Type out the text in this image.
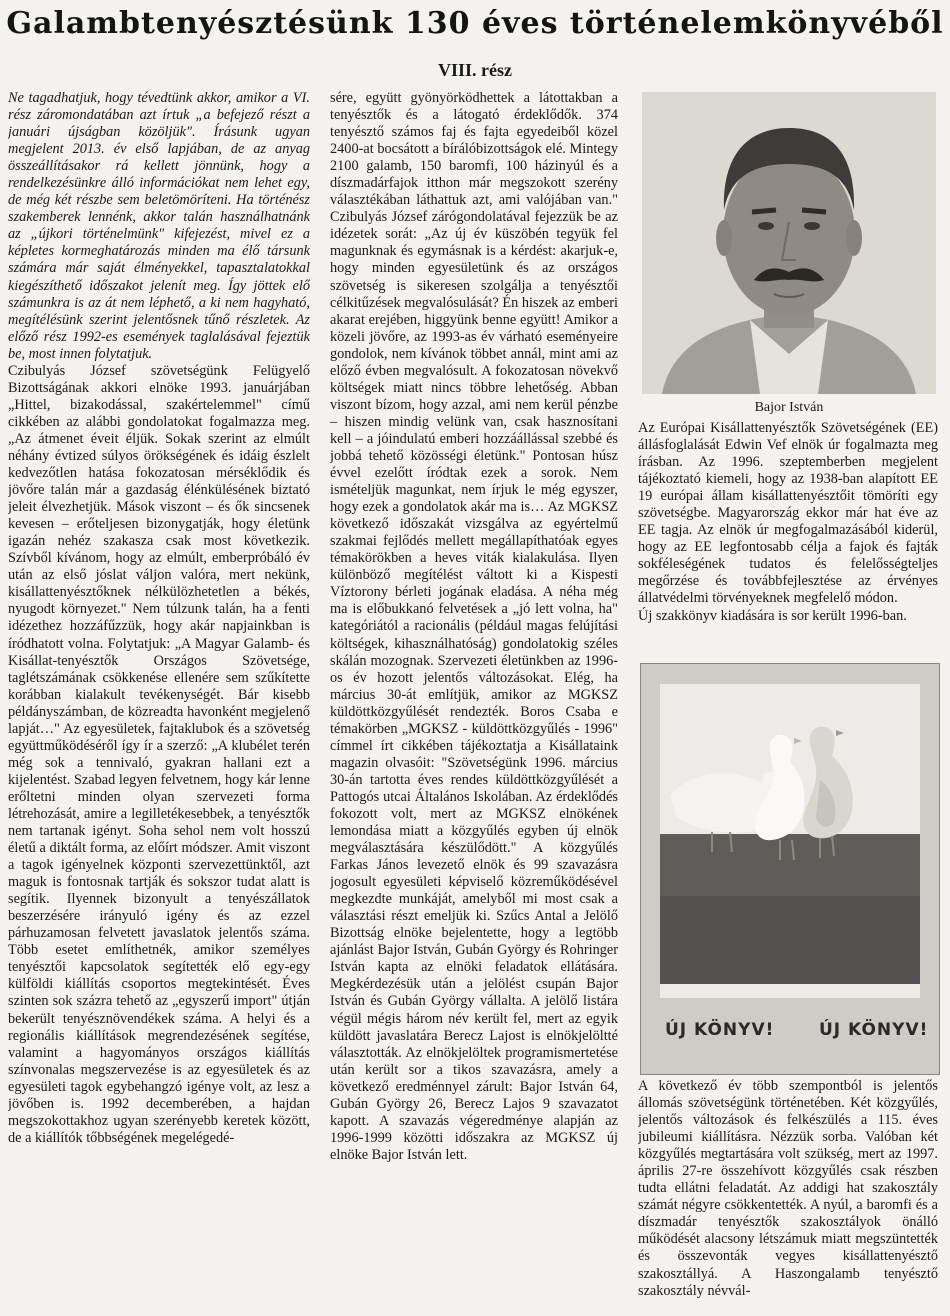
Galambtenyésztésünk 130 éves történelemkönyvéből
VIII. rész

Ne tagadhatjuk, hogy tévedtünk akkor, amikor a VI. rész záromondatában azt írtuk „a befejező részt a januári újságban közöljük". Írásunk ugyan megjelent 2013. év első lapjában, de az anyag összeállításakor rá kellett jönnünk, hogy a rendelkezésünkre álló információkat nem lehet egy, de még két részbe sem beletömöríteni. Ha történész szakemberek lennénk, akkor talán használhatnánk az „újkori történelmünk" kifejezést, mivel ez a képletes kormeghatározás minden ma élő társunk számára már saját élményekkel, tapasztalatokkal kiegészíthető időszakot jelenít meg. Így jöttek elő számunkra is az át nem léphető, a ki nem hagyható, megítélésünk szerint jelentősnek tűnő részletek. Az előző rész 1992-es események taglalásával fejeztük be, most innen folytatjuk.

Czibulyás József szövetségünk Felügyelő Bizottságának akkori elnöke 1993. januárjában „Hittel, bizakodással, szakértelemmel" című cikkében az alábbi gondolatokat fogalmazza meg. „Az átmenet éveit éljük. Sokak szerint az elmúlt néhány évtized súlyos örökségének és idáig észlelt kedvezőtlen hatása fokozatosan mérséklődik és jövőre talán már a gazdaság élénkülésének biztató jeleit élvezhetjük. Mások viszont – és ők sincsenek kevesen – erőteljesen bizonygatják, hogy életünk igazán nehéz szakasza csak most következik. Szívből kívánom, hogy az elmúlt, emberpróbáló év után az első jóslat váljon valóra, mert nekünk, kisállattenyésztőknek nélkülözhetetlen a békés, nyugodt környezet." Nem túlzunk talán, ha a fenti idézethez hozzáfűzzük, hogy akár napjainkban is íródhatott volna. Folytatjuk: „A Magyar Galamb- és Kisállat-tenyésztők Országos Szövetsége, taglétszámának csökkenése ellenére sem szűkítette korábban kialakult tevékenységét. Bár kisebb példányszámban, de közreadta havonként megjelenő lapját…" Az egyesületek, fajtaklubok és a szövetség együttműködéséről így ír a szerző: „A klubélet terén még sok a tennivaló, gyakran hallani ezt a kijelentést. Szabad legyen felvetnem, hogy kár lenne erőltetni minden olyan szervezeti forma létrehozását, amire a legilletékesebbek, a tenyésztők nem tartanak igényt. Soha sehol nem volt hosszú életű a diktált forma, az előírt módszer. Amit viszont a tagok igényelnek központi szervezettünktől, azt maguk is fontosnak tartják és sokszor tudat alatt is segítik. Ilyennek bizonyult a tenyészállatok beszerzésére irányuló igény és az ezzel párhuzamosan felvetett javaslatok jelentős száma. Több esetet említhetnék, amikor személyes tenyésztői kapcsolatok segítették elő egy-egy külföldi kiállítás csoportos megtekintését. Éves szinten sok százra tehető az „egyszerű import" útján bekerült tenyésznövendékek száma. A helyi és a regionális kiállítások megrendezésének segítése, valamint a hagyományos országos kiállítás színvonalas megszervezése is az egyesületek és az egyesületi tagok egybehangzó igénye volt, az lesz a jövőben is. 1992 decemberében, a hajdan megszokottakhoz ugyan szerényebb keretek között, de a kiállítók tőbbségének megelégedé-

sére, együtt gyönyörködhettek a látottakban a tenyésztők és a látogató érdeklődők. 374 tenyésztő számos faj és fajta egyedeiből közel 2400-at bocsátott a bírálóbizottságok elé. Mintegy 2100 galamb, 150 baromfi, 100 házinyúl és a díszmadárfajok itthon már megszokott szerény választékában láthattuk azt, ami valójában van." Czibulyás József zárógondolatával fejezzük be az idézetek sorát: „Az új év küszöbén tegyük fel magunknak és egymásnak is a kérdést: akarjuk-e, hogy minden egyesületünk és az országos szövetség is sikeresen szolgálja a tenyésztői célkitűzések megvalósulását? Én hiszek az emberi akarat erejében, higgyünk benne együtt! Amikor a közeli jövőre, az 1993-as év várható eseményeire gondolok, nem kívánok többet annál, mint ami az előző évben megvalósult. A fokozatosan növekvő költségek miatt nincs többre lehetőség. Abban viszont bízom, hogy azzal, ami nem kerül pénzbe – hiszen mindig velünk van, csak hasznosítani kell – a jóindulatú emberi hozzáállással szebbé és jobbá tehető közösségi életünk." Pontosan húsz évvel ezelőtt íródtak ezek a sorok. Nem ismételjük magunkat, nem írjuk le még egyszer, hogy ezek a gondolatok akár ma is… Az MGKSZ következő időszakát vizsgálva az egyértelmű szakmai fejlődés mellett megállapíthatóak egyes témakörökben a heves viták kialakulása. Ilyen különböző megítélést váltott ki a Kispesti Víztorony bérleti jogának eladása. A néha még ma is előbukkanó felvetések a „jó lett volna, ha" kategóriától a racionális (például magas felújítási költségek, kihasználhatóság) gondolatokig széles skálán mozognak. Szervezeti életünkben az 1996-os év hozott jelentős változásokat. Elég, ha március 30-át említjük, amikor az MGKSZ küldöttközgyűlését rendezték. Boros Csaba e témakörben „MGKSZ - küldöttközgyűlés - 1996" címmel írt cikkében tájékoztatja a Kisállataink magazin olvasóit: "Szövetségünk 1996. március 30-án tartotta éves rendes küldöttközgyűlését a Pattogós utcai Általános Iskolában. Az érdeklődés fokozott volt, mert az MGKSZ elnökének lemondása miatt a közgyűlés egyben új elnök megválasztására készülődött." A közgyűlés Farkas János levezető elnök és 99 szavazásra jogosult egyesületi képviselő közreműködésével megkezdte munkáját, amelyből mi most csak a választási részt emeljük ki. Szűcs Antal a Jelölő Bizottság elnöke bejelentette, hogy a legtöbb ajánlást Bajor István, Gubán György és Rohringer István kapta az elnöki feladatok ellátására. Megkérdezésük után a jelölést csupán Bajor István és Gubán György vállalta. A jelölő listára végül mégis három név került fel, mert az egyik küldött javaslatára Berecz Lajost is elnökjelöltté választották. Az elnökjelöltek programismertetése után került sor a tikos szavazásra, amely a következő eredménnyel zárult: Bajor István 64, Gubán György 26, Berecz Lajos 9 szavazatot kapott. A szavazás végeredménye alapján az 1996-1999 közötti időszakra az MGKSZ új elnöke Bajor István lett.

Bajor István

Az Európai Kisállattenyésztők Szövetségének (EE) állásfoglalását Edwin Vef elnök úr fogalmazta meg írásban. Az 1996. szeptemberben megjelent tájékoztató kiemeli, hogy az 1938-ban alapított EE 19 európai állam kisállattenyésztőit tömöríti egy szövetségbe. Magyarország ekkor már hat éve az EE tagja. Az elnök úr megfogalmazásából kiderül, hogy az EE legfontosabb célja a fajok és fajták sokféleségének tudatos és felelősségteljes megőrzése és továbbfejlesztése az érvényes állatvédelmi törvényeknek megfelelő módon.

Új szakkönyv kiadására is sor került 1996-ban.

ÚJ KÖNYV!	ÚJ KÖNYV!

A következő év több szempontból is jelentős állomás szövetségünk történetében. Két közgyűlés, jelentős változások és felkészülés a 115. éves jubileumi kiállításra. Nézzük sorba. Valóban két közgyűlés megtartására volt szükség, mert az 1997. április 27-re összehívott közgyűlés csak részben tudta ellátni feladatát. Az addigi hat szakosztály számát négyre csökkentették. A nyúl, a baromfi és a díszmadár tenyésztők szakosztályok önálló működését alacsony létszámuk miatt megszüntették és összevonták vegyes kisállattenyésztő szakosztállyá. A Haszongalamb tenyésztő szakosztály névvál-
